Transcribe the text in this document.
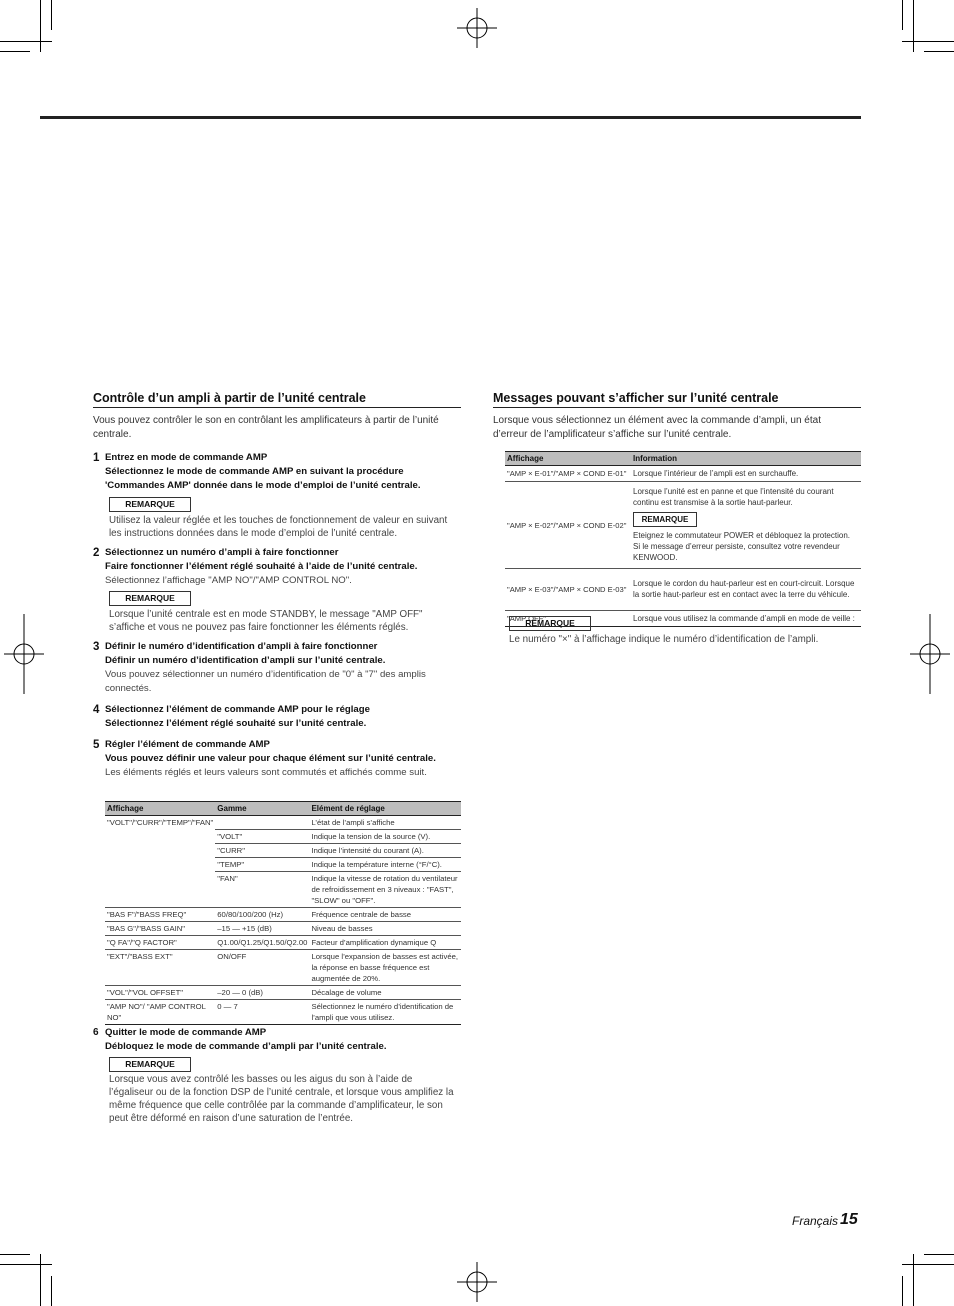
Contrôle d’un ampli à partir de l’unité centrale
Vous pouvez contrôler le son en contrôlant les amplificateurs à partir de l’unité centrale.
1 Entrez en mode de commande AMP
Sélectionnez le mode de commande AMP en suivant la procédure 'Commandes AMP' donnée dans le mode d’emploi de l’unité centrale.
REMARQUE
Utilisez la valeur réglée et les touches de fonctionnement de valeur en suivant les instructions données dans le mode d’emploi de l’unité centrale.
2 Sélectionnez un numéro d’ampli à faire fonctionner
Faire fonctionner l’élément réglé souhaité à l’aide de l’unité centrale.
Sélectionnez l’affichage "AMP NO"/"AMP CONTROL NO".
REMARQUE
Lorsque l’unité centrale est en mode STANDBY, le message "AMP OFF" s’affiche et vous ne pouvez pas faire fonctionner les éléments réglés.
3 Définir le numéro d’identification d’ampli à faire fonctionner
Définir un numéro d’identification d’ampli sur l’unité centrale.
Vous pouvez sélectionner un numéro d’identification de "0" à "7" des amplis connectés.
4 Sélectionnez l’élément de commande AMP pour le réglage
Sélectionnez l’élément réglé souhaité sur l’unité centrale.
5 Régler l’élément de commande AMP
Vous pouvez définir une valeur pour chaque élément sur l’unité centrale.
Les éléments réglés et leurs valeurs sont commutés et affichés comme suit.
Affichage	Gamme	Elément de réglage
"VOLT"/"CURR"/"TEMP"/"FAN"		L’état de l’ampli s’affiche
	"VOLT"	Indique la tension de la source (V).
	"CURR"	Indique l’intensité du courant (A).
	"TEMP"	Indique la température interne (°F/°C).
	"FAN"	Indique la vitesse de rotation du ventilateur de refroidissement en 3 niveaux : "FAST", "SLOW" ou "OFF".
"BAS F"/"BASS FREQ"	60/80/100/200 (Hz)	Fréquence centrale de basse
"BAS G"/"BASS GAIN"	–15 — +15 (dB)	Niveau de basses
"Q FA"/"Q FACTOR"	Q1.00/Q1.25/Q1.50/Q2.00	Facteur d’amplification dynamique Q
"EXT"/"BASS EXT"	ON/OFF	Lorsque l’expansion de basses est activée, la réponse en basse fréquence est augmentée de 20%.
"VOL"/"VOL OFFSET"	–20 — 0 (dB)	Décalage de volume
"AMP NO"/ "AMP CONTROL NO"	0 — 7	Sélectionnez le numéro d’identification de l’ampli que vous utilisez.
6 Quitter le mode de commande AMP
Débloquez le mode de commande d’ampli par l’unité centrale.
REMARQUE
Lorsque vous avez contrôlé les basses ou les aigus du son à l’aide de l’égaliseur ou de la fonction DSP de l’unité centrale, et lorsque vous amplifiez la même fréquence que celle contrôlée par la commande d’amplificateur, le son peut être déformé en raison d’une saturation de l’entrée.
Messages pouvant s’afficher sur l’unité centrale
Lorsque vous sélectionnez un élément avec la commande d’ampli, un état d’erreur de l’amplificateur s’affiche sur l’unité centrale.
Affichage	Information
"AMP × E-01"/"AMP × COND E-01"	Lorsque l’intérieur de l’ampli est en surchauffe.
"AMP × E-02"/"AMP × COND E-02"	Lorsque l’unité est en panne et que l’intensité du courant continu est transmise à la sortie haut-parleur.
REMARQUE
Eteignez le commutateur POWER et débloquez la protection. Si le message d’erreur persiste, consultez votre revendeur KENWOOD.

"AMP × E-03"/"AMP × COND E-03"	Lorsque le cordon du haut-parleur est en court-circuit. Lorsque la sortie haut-parleur est en contact avec la terre du véhicule.
"AMP OFF"	Lorsque vous utilisez la commande d’ampli en mode de veille :
REMARQUE
Le numéro "×" à l’affichage indique le numéro d’identification de l’ampli.
Français 15
